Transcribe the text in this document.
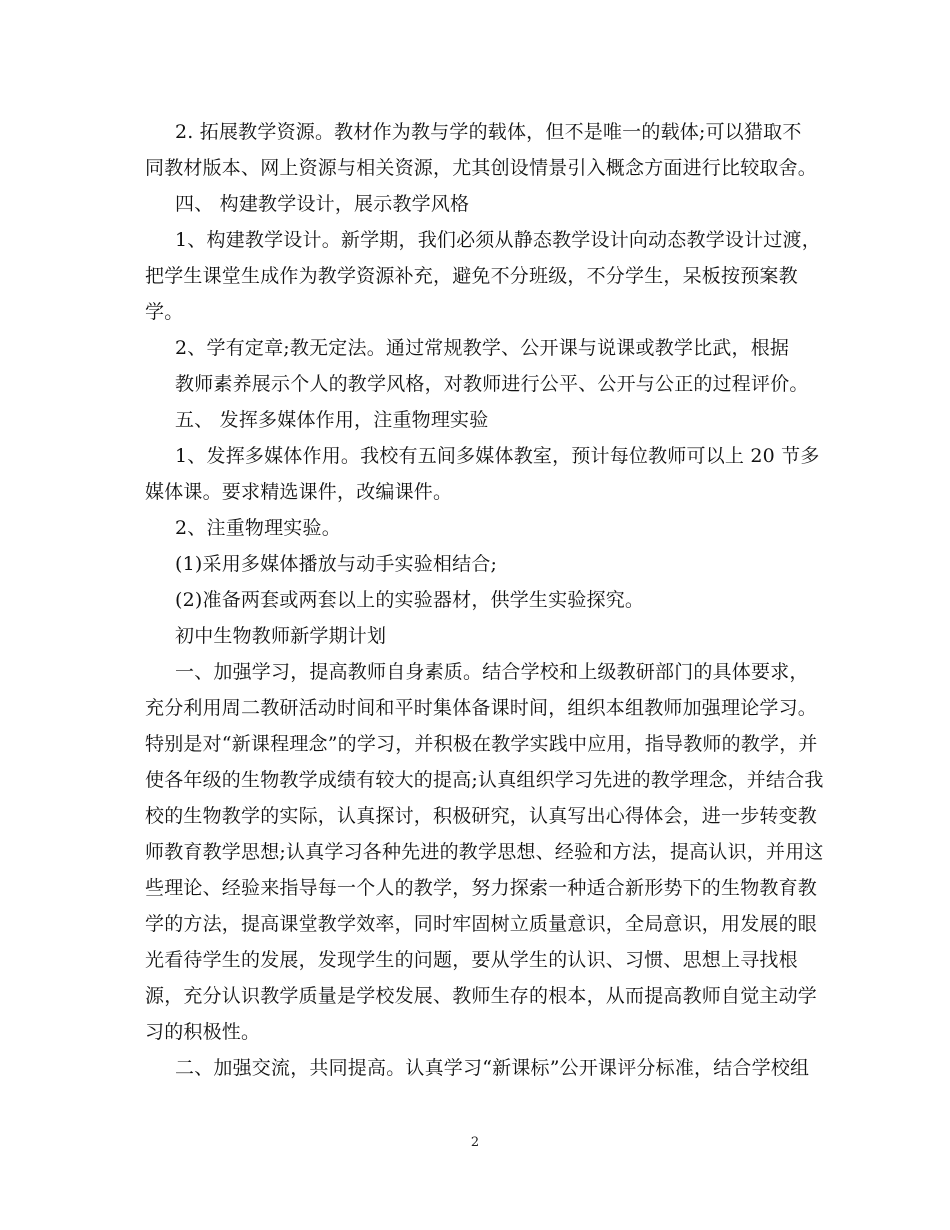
2. 拓展教学资源。教材作为教与学的载体，但不是唯一的载体;可以猎取不
同教材版本、网上资源与相关资源，尤其创设情景引入概念方面进行比较取舍。
四、 构建教学设计，展示教学风格
1、构建教学设计。新学期，我们必须从静态教学设计向动态教学设计过渡，
把学生课堂生成作为教学资源补充，避免不分班级，不分学生，呆板按预案教
学。
2、学有定章;教无定法。通过常规教学、公开课与说课或教学比武，根据
教师素养展示个人的教学风格，对教师进行公平、公开与公正的过程评价。
五、 发挥多媒体作用，注重物理实验
1、发挥多媒体作用。我校有五间多媒体教室，预计每位教师可以上 20 节多
媒体课。要求精选课件，改编课件。
2、注重物理实验。
(1)采用多媒体播放与动手实验相结合;
(2)准备两套或两套以上的实验器材，供学生实验探究。
初中生物教师新学期计划
一、加强学习，提高教师自身素质。结合学校和上级教研部门的具体要求，
充分利用周二教研活动时间和平时集体备课时间，组织本组教师加强理论学习。
特别是对“新课程理念”的学习，并积极在教学实践中应用，指导教师的教学，并
使各年级的生物教学成绩有较大的提高;认真组织学习先进的教学理念，并结合我
校的生物教学的实际，认真探讨，积极研究，认真写出心得体会，进一步转变教
师教育教学思想;认真学习各种先进的教学思想、经验和方法，提高认识，并用这
些理论、经验来指导每一个人的教学，努力探索一种适合新形势下的生物教育教
学的方法，提高课堂教学效率，同时牢固树立质量意识，全局意识，用发展的眼
光看待学生的发展，发现学生的问题，要从学生的认识、习惯、思想上寻找根
源，充分认识教学质量是学校发展、教师生存的根本，从而提高教师自觉主动学
习的积极性。
二、加强交流，共同提高。认真学习“新课标”公开课评分标准，结合学校组
2
